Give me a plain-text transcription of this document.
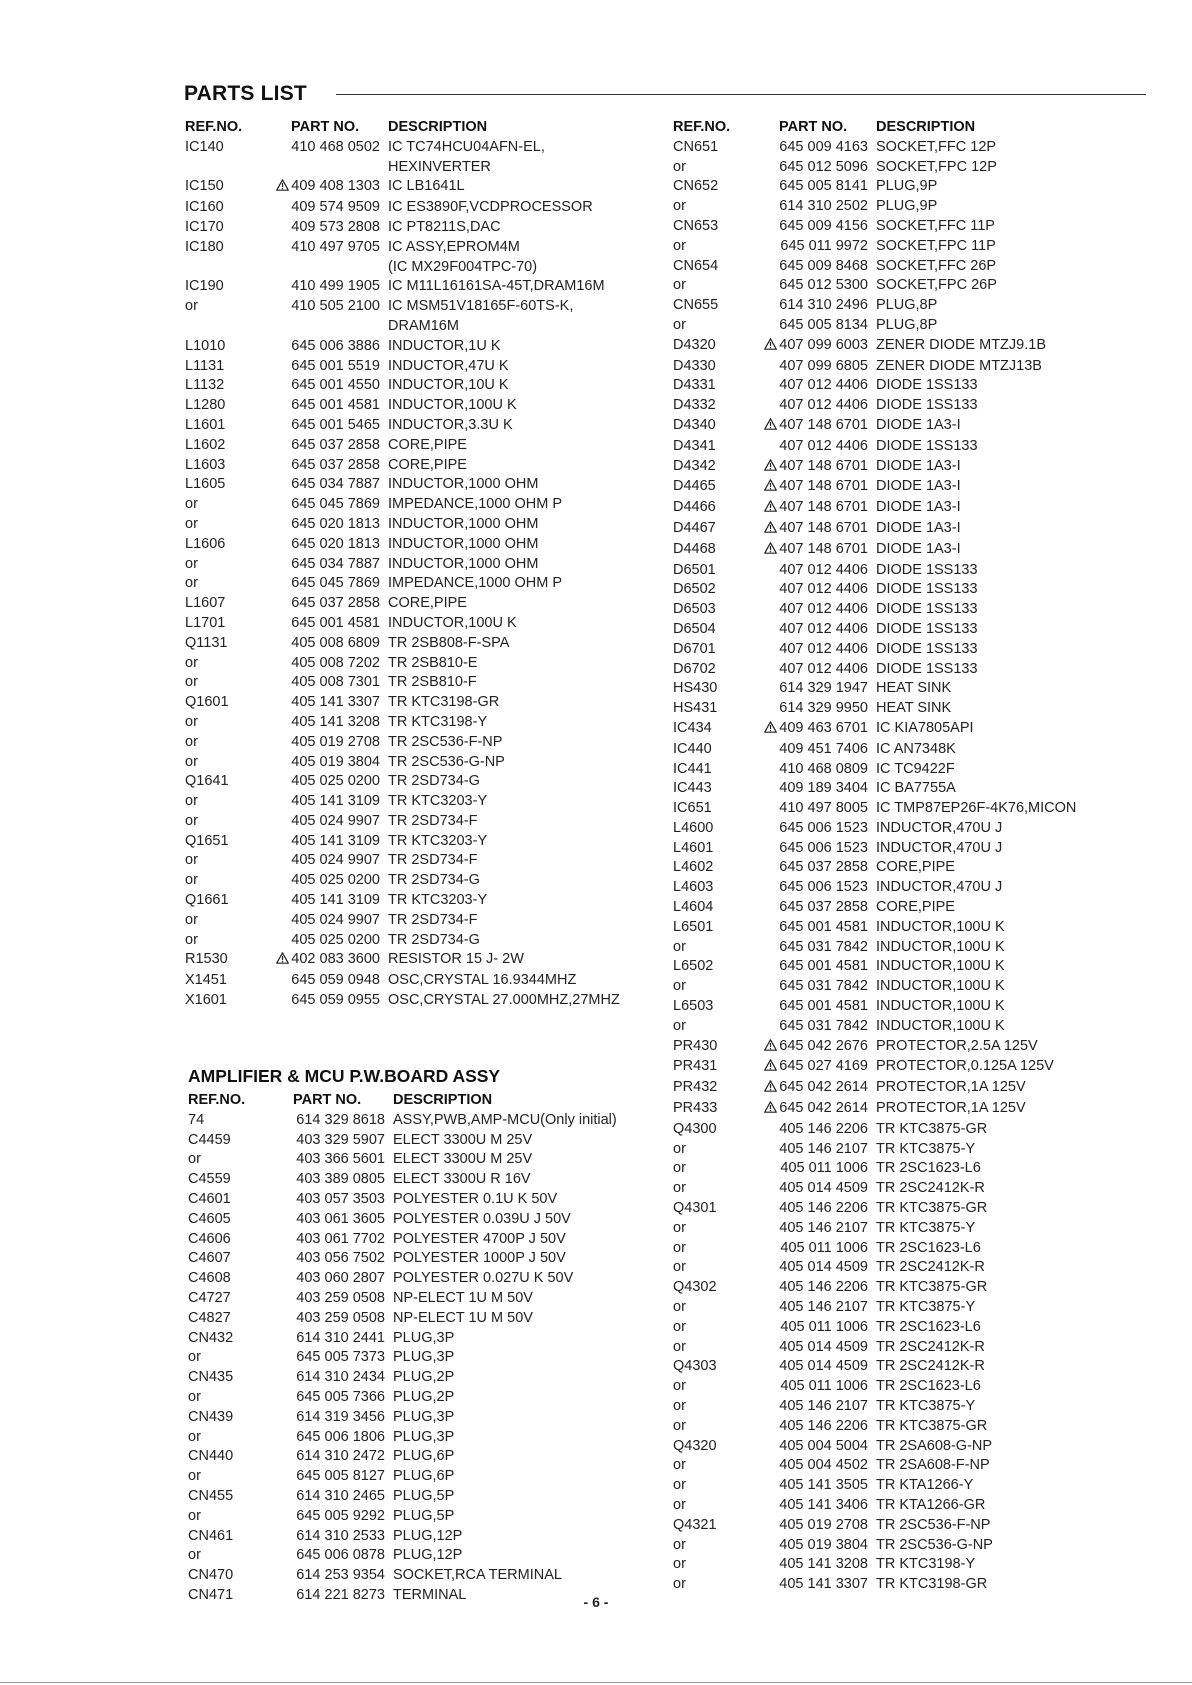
PARTS LIST
REF.NO.	PART NO.	DESCRIPTION
IC140	410 468 0502	IC TC74HCU04AFN-EL,
		HEXINVERTER
IC150	409 408 1303	IC LB1641L
IC160	409 574 9509	IC ES3890F,VCDPROCESSOR
IC170	409 573 2808	IC PT8211S,DAC
IC180	410 497 9705	IC ASSY,EPROM4M
		(IC MX29F004TPC-70)
IC190	410 499 1905	IC M11L16161SA-45T,DRAM16M
or	410 505 2100	IC MSM51V18165F-60TS-K,
		DRAM16M
L1010	645 006 3886	INDUCTOR,1U K
L1131	645 001 5519	INDUCTOR,47U K
L1132	645 001 4550	INDUCTOR,10U K
L1280	645 001 4581	INDUCTOR,100U K
L1601	645 001 5465	INDUCTOR,3.3U K
L1602	645 037 2858	CORE,PIPE
L1603	645 037 2858	CORE,PIPE
L1605	645 034 7887	INDUCTOR,1000 OHM
or	645 045 7869	IMPEDANCE,1000 OHM P
or	645 020 1813	INDUCTOR,1000 OHM
L1606	645 020 1813	INDUCTOR,1000 OHM
or	645 034 7887	INDUCTOR,1000 OHM
or	645 045 7869	IMPEDANCE,1000 OHM P
L1607	645 037 2858	CORE,PIPE
L1701	645 001 4581	INDUCTOR,100U K
Q1131	405 008 6809	TR 2SB808-F-SPA
or	405 008 7202	TR 2SB810-E
or	405 008 7301	TR 2SB810-F
Q1601	405 141 3307	TR KTC3198-GR
or	405 141 3208	TR KTC3198-Y
or	405 019 2708	TR 2SC536-F-NP
or	405 019 3804	TR 2SC536-G-NP
Q1641	405 025 0200	TR 2SD734-G
or	405 141 3109	TR KTC3203-Y
or	405 024 9907	TR 2SD734-F
Q1651	405 141 3109	TR KTC3203-Y
or	405 024 9907	TR 2SD734-F
or	405 025 0200	TR 2SD734-G
Q1661	405 141 3109	TR KTC3203-Y
or	405 024 9907	TR 2SD734-F
or	405 025 0200	TR 2SD734-G
R1530	402 083 3600	RESISTOR 15 J- 2W
X1451	645 059 0948	OSC,CRYSTAL 16.9344MHZ
X1601	645 059 0955	OSC,CRYSTAL 27.000MHZ,27MHZ
REF.NO.	PART NO.	DESCRIPTION
CN651	645 009 4163	SOCKET,FFC 12P
or	645 012 5096	SOCKET,FPC 12P
CN652	645 005 8141	PLUG,9P
or	614 310 2502	PLUG,9P
CN653	645 009 4156	SOCKET,FFC 11P
or	645 011 9972	SOCKET,FPC 11P
CN654	645 009 8468	SOCKET,FFC 26P
or	645 012 5300	SOCKET,FPC 26P
CN655	614 310 2496	PLUG,8P
or	645 005 8134	PLUG,8P
D4320	407 099 6003	ZENER DIODE MTZJ9.1B
D4330	407 099 6805	ZENER DIODE MTZJ13B
D4331	407 012 4406	DIODE 1SS133
D4332	407 012 4406	DIODE 1SS133
D4340	407 148 6701	DIODE 1A3-I
D4341	407 012 4406	DIODE 1SS133
D4342	407 148 6701	DIODE 1A3-I
D4465	407 148 6701	DIODE 1A3-I
D4466	407 148 6701	DIODE 1A3-I
D4467	407 148 6701	DIODE 1A3-I
D4468	407 148 6701	DIODE 1A3-I
D6501	407 012 4406	DIODE 1SS133
D6502	407 012 4406	DIODE 1SS133
D6503	407 012 4406	DIODE 1SS133
D6504	407 012 4406	DIODE 1SS133
D6701	407 012 4406	DIODE 1SS133
D6702	407 012 4406	DIODE 1SS133
HS430	614 329 1947	HEAT SINK
HS431	614 329 9950	HEAT SINK
IC434	409 463 6701	IC KIA7805API
IC440	409 451 7406	IC AN7348K
IC441	410 468 0809	IC TC9422F
IC443	409 189 3404	IC BA7755A
IC651	410 497 8005	IC TMP87EP26F-4K76,MICON
L4600	645 006 1523	INDUCTOR,470U J
L4601	645 006 1523	INDUCTOR,470U J
L4602	645 037 2858	CORE,PIPE
L4603	645 006 1523	INDUCTOR,470U J
L4604	645 037 2858	CORE,PIPE
L6501	645 001 4581	INDUCTOR,100U K
or	645 031 7842	INDUCTOR,100U K
L6502	645 001 4581	INDUCTOR,100U K
or	645 031 7842	INDUCTOR,100U K
L6503	645 001 4581	INDUCTOR,100U K
or	645 031 7842	INDUCTOR,100U K
PR430	645 042 2676	PROTECTOR,2.5A 125V
PR431	645 027 4169	PROTECTOR,0.125A 125V
PR432	645 042 2614	PROTECTOR,1A 125V
PR433	645 042 2614	PROTECTOR,1A 125V
Q4300	405 146 2206	TR KTC3875-GR
or	405 146 2107	TR KTC3875-Y
or	405 011 1006	TR 2SC1623-L6
or	405 014 4509	TR 2SC2412K-R
Q4301	405 146 2206	TR KTC3875-GR
or	405 146 2107	TR KTC3875-Y
or	405 011 1006	TR 2SC1623-L6
or	405 014 4509	TR 2SC2412K-R
Q4302	405 146 2206	TR KTC3875-GR
or	405 146 2107	TR KTC3875-Y
or	405 011 1006	TR 2SC1623-L6
or	405 014 4509	TR 2SC2412K-R
Q4303	405 014 4509	TR 2SC2412K-R
or	405 011 1006	TR 2SC1623-L6
or	405 146 2107	TR KTC3875-Y
or	405 146 2206	TR KTC3875-GR
Q4320	405 004 5004	TR 2SA608-G-NP
or	405 004 4502	TR 2SA608-F-NP
or	405 141 3505	TR KTA1266-Y
or	405 141 3406	TR KTA1266-GR
Q4321	405 019 2708	TR 2SC536-F-NP
or	405 019 3804	TR 2SC536-G-NP
or	405 141 3208	TR KTC3198-Y
or	405 141 3307	TR KTC3198-GR
AMPLIFIER & MCU P.W.BOARD ASSY
REF.NO.	PART NO.	DESCRIPTION
74	614 329 8618	ASSY,PWB,AMP-MCU(Only initial)
C4459	403 329 5907	ELECT 3300U M 25V
or	403 366 5601	ELECT 3300U M 25V
C4559	403 389 0805	ELECT 3300U R 16V
C4601	403 057 3503	POLYESTER 0.1U K 50V
C4605	403 061 3605	POLYESTER 0.039U J 50V
C4606	403 061 7702	POLYESTER 4700P J 50V
C4607	403 056 7502	POLYESTER 1000P J 50V
C4608	403 060 2807	POLYESTER 0.027U K 50V
C4727	403 259 0508	NP-ELECT 1U M 50V
C4827	403 259 0508	NP-ELECT 1U M 50V
CN432	614 310 2441	PLUG,3P
or	645 005 7373	PLUG,3P
CN435	614 310 2434	PLUG,2P
or	645 005 7366	PLUG,2P
CN439	614 319 3456	PLUG,3P
or	645 006 1806	PLUG,3P
CN440	614 310 2472	PLUG,6P
or	645 005 8127	PLUG,6P
CN455	614 310 2465	PLUG,5P
or	645 005 9292	PLUG,5P
CN461	614 310 2533	PLUG,12P
or	645 006 0878	PLUG,12P
CN470	614 253 9354	SOCKET,RCA TERMINAL
CN471	614 221 8273	TERMINAL	- 6 -
